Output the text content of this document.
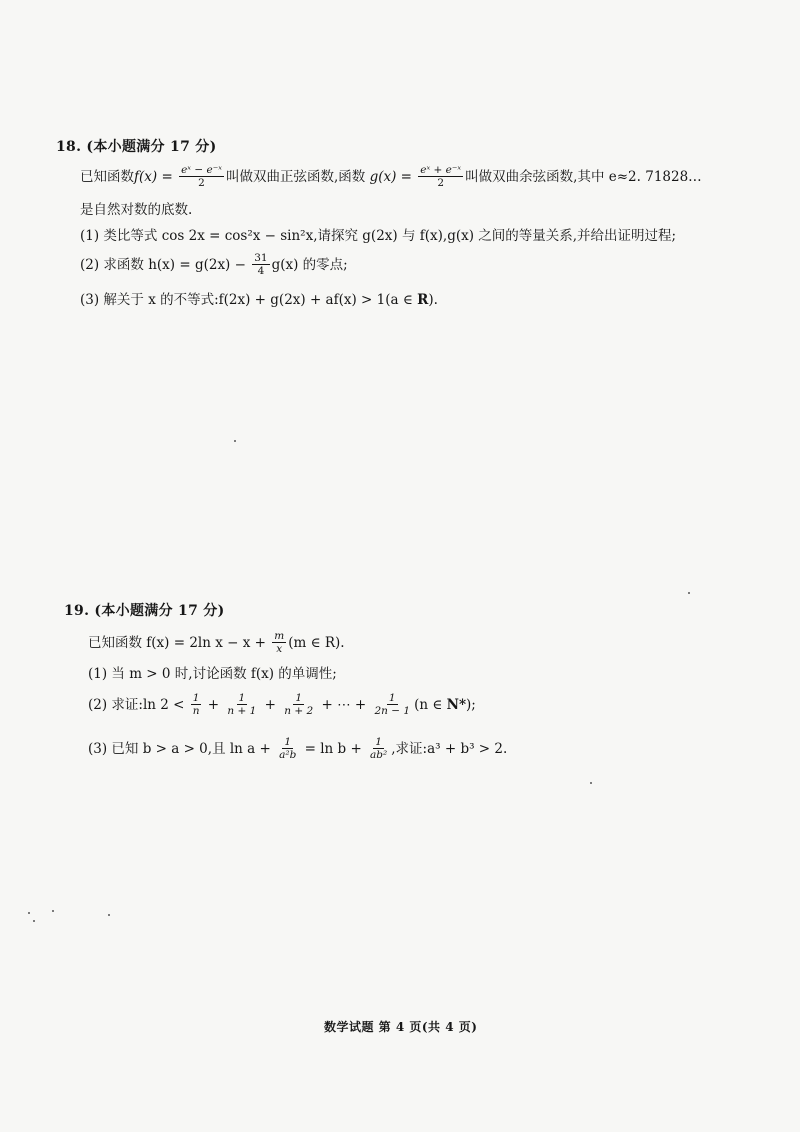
18. (本小题满分 17 分)
已知函数 $f(x) = \frac{\text{eˣ − e⁻ˣ}}{2}$ 叫做双曲正弦函数,函数 $g(x) = \frac{\text{eˣ + e⁻ˣ}}{2}$ 叫做双曲余弦函数,其中 e≈2. 71828…
是自然对数的底数.
(1) 类比等式 cos 2x = cos²x − sin²x,请探究 g(2x) 与 f(x),g(x) 之间的等量关系,并给出证明过程;
(2) 求函数 $h(x) = g(2x) - \frac{31}{4} g(x)$ 的零点;
(3) 解关于 x 的不等式:f(2x) + g(2x) + af(x) > 1(a ∈ R ).
19. (本小题满分 17 分)
已知函数 f(x) = 2ln $x - x + \frac{m}{x} (m$ ∈ R).
(1) 当 m > 0 时,讨论函数 f(x) 的单调性;
(2) 求证:ln $2 < \frac{1}{n} + \frac{1}{n + 1} + \frac{1}{n + 2}$ + ⋯ + $\frac{1}{2n - 1} (n$ ∈ N* );
(3) 已知 b > a > 0,且 $\ln a + \frac{1}{\text{a²b}} = \ln b + \frac{1}{\text{ab²}}$ ,求证:a³ + b³ > 2.
数学试题 第 4 页(共 4 页)
